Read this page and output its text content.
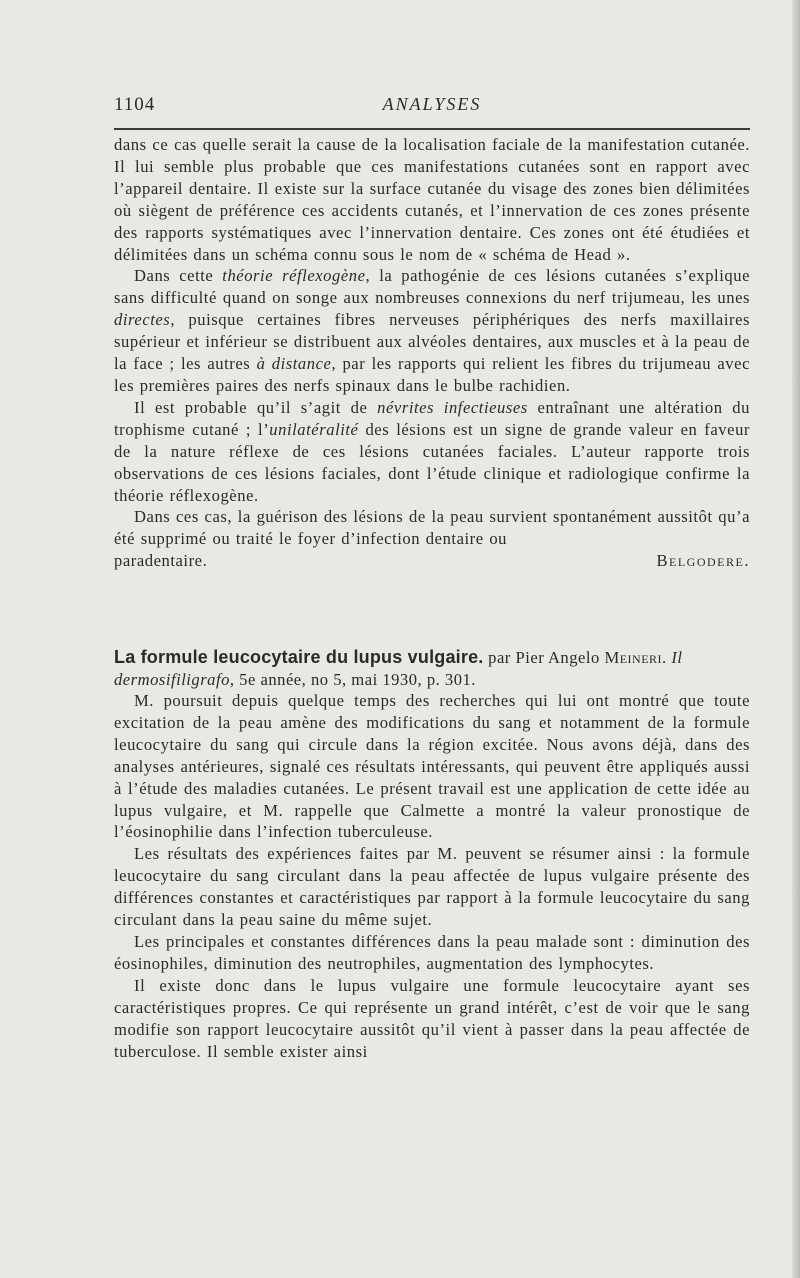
1104	ANALYSES

dans ce cas quelle serait la cause de la localisation faciale de la manifestation cutanée. Il lui semble plus probable que ces manifestations cutanées sont en rapport avec l’appareil dentaire. Il existe sur la surface cutanée du visage des zones bien délimitées où siègent de préférence ces accidents cutanés, et l’innervation de ces zones présente des rapports systématiques avec l’innervation dentaire. Ces zones ont été étudiées et délimitées dans un schéma connu sous le nom de « schéma de Head ».

Dans cette théorie réflexogène, la pathogénie de ces lésions cutanées s’explique sans difficulté quand on songe aux nombreuses connexions du nerf trijumeau, les unes directes, puisque certaines fibres nerveuses périphériques des nerfs maxillaires supérieur et inférieur se distribuent aux alvéoles dentaires, aux muscles et à la peau de la face ; les autres à distance, par les rapports qui relient les fibres du trijumeau avec les premières paires des nerfs spinaux dans le bulbe rachidien.

Il est probable qu’il s’agit de névrites infectieuses entraînant une altération du trophisme cutané ; l’unilatéralité des lésions est un signe de grande valeur en faveur de la nature réflexe de ces lésions cutanées faciales. L’auteur rapporte trois observations de ces lésions faciales, dont l’étude clinique et radiologique confirme la théorie réflexogène.

Dans ces cas, la guérison des lésions de la peau survient spontanément aussitôt qu’a été supprimé ou traité le foyer d’infection dentaire ou

paradentaire.	Belgodere.

La formule leucocytaire du lupus vulgaire. par Pier Angelo Meineri. Il dermosifiligrafo, 5e année, no 5, mai 1930, p. 301.

M. poursuit depuis quelque temps des recherches qui lui ont montré que toute excitation de la peau amène des modifications du sang et notamment de la formule leucocytaire du sang qui circule dans la région excitée. Nous avons déjà, dans des analyses antérieures, signalé ces résultats intéressants, qui peuvent être appliqués aussi à l’étude des maladies cutanées. Le présent travail est une application de cette idée au lupus vulgaire, et M. rappelle que Calmette a montré la valeur pronostique de l’éosinophilie dans l’infection tuberculeuse.

Les résultats des expériences faites par M. peuvent se résumer ainsi : la formule leucocytaire du sang circulant dans la peau affectée de lupus vulgaire présente des différences constantes et caractéristiques par rapport à la formule leucocytaire du sang circulant dans la peau saine du même sujet.

Les principales et constantes différences dans la peau malade sont : diminution des éosinophiles, diminution des neutrophiles, augmentation des lymphocytes.

Il existe donc dans le lupus vulgaire une formule leucocytaire ayant ses caractéristiques propres. Ce qui représente un grand intérêt, c’est de voir que le sang modifie son rapport leucocytaire aussitôt qu’il vient à passer dans la peau affectée de tuberculose. Il semble exister ainsi
